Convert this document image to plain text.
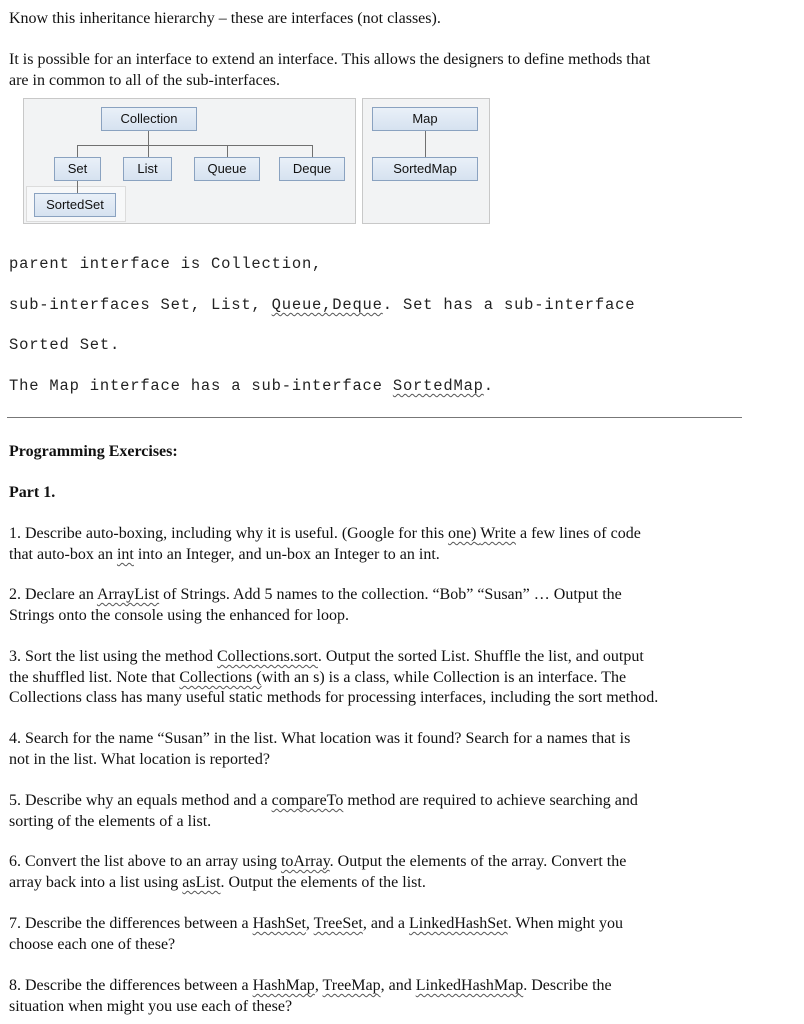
Know this inheritance hierarchy – these are interfaces (not classes).

It is possible for an interface to extend an interface. This allows the designers to define methods that

are in common to all of the sub-interfaces.

Collection
Set	List	Queue	Deque
SortedSet
Map
SortedMap

parent interface is Collection,

sub-interfaces Set, List, Queue,Deque. Set has a sub-interface

Sorted Set.

The Map interface has a sub-interface SortedMap.

Programming Exercises:

Part 1.

1. Describe auto-boxing, including why it is useful. (Google for this one) Write a few lines of code

that auto-box an int into an Integer, and un-box an Integer to an int.

2. Declare an ArrayList of Strings. Add 5 names to the collection. “Bob” “Susan” … Output the

Strings onto the console using the enhanced for loop.

3. Sort the list using the method Collections.sort. Output the sorted List. Shuffle the list, and output

the shuffled list. Note that Collections (with an s) is a class, while Collection is an interface. The

Collections class has many useful static methods for processing interfaces, including the sort method.

4. Search for the name “Susan” in the list. What location was it found? Search for a names that is

not in the list. What location is reported?

5. Describe why an equals method and a compareTo method are required to achieve searching and

sorting of the elements of a list.

6. Convert the list above to an array using toArray. Output the elements of the array. Convert the

array back into a list using asList. Output the elements of the list.

7. Describe the differences between a HashSet, TreeSet, and a LinkedHashSet. When might you

choose each one of these?

8. Describe the differences between a HashMap, TreeMap, and LinkedHashMap. Describe the

situation when might you use each of these?
